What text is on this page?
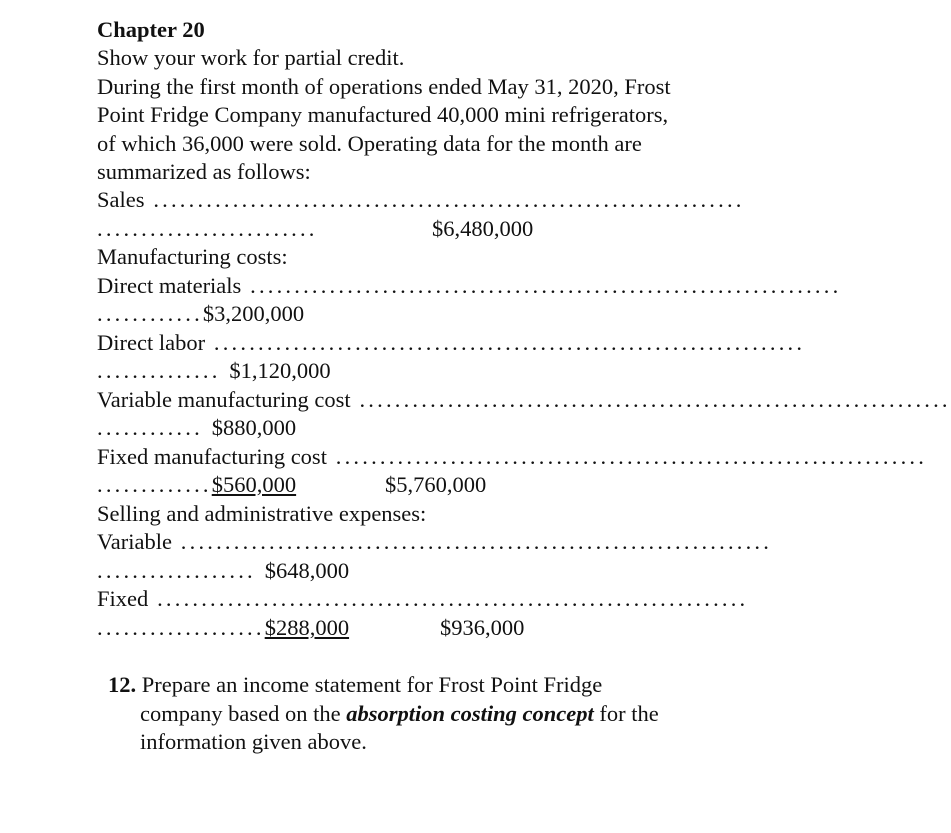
Chapter 20
Show your work for partial credit.
During the first month of operations ended May 31, 2020, Frost
Point Fridge Company manufactured 40,000 mini refrigerators,
of which 36,000 were sold. Operating data for the month are
summarized as follows:
Sales ...................................................................
.........................	$6,480,000
Manufacturing costs:
Direct materials ...................................................................
............$3,200,000
Direct labor ...................................................................
.............. $1,120,000
Variable manufacturing cost ...................................................................
............ $880,000
Fixed manufacturing cost ...................................................................
.............$560,000	$5,760,000
Selling and administrative expenses:
Variable ...................................................................
.................. $648,000
Fixed ...................................................................
...................$288,000	$936,000
12. Prepare an income statement for Frost Point Fridge
company based on the absorption costing concept for the
information given above.
